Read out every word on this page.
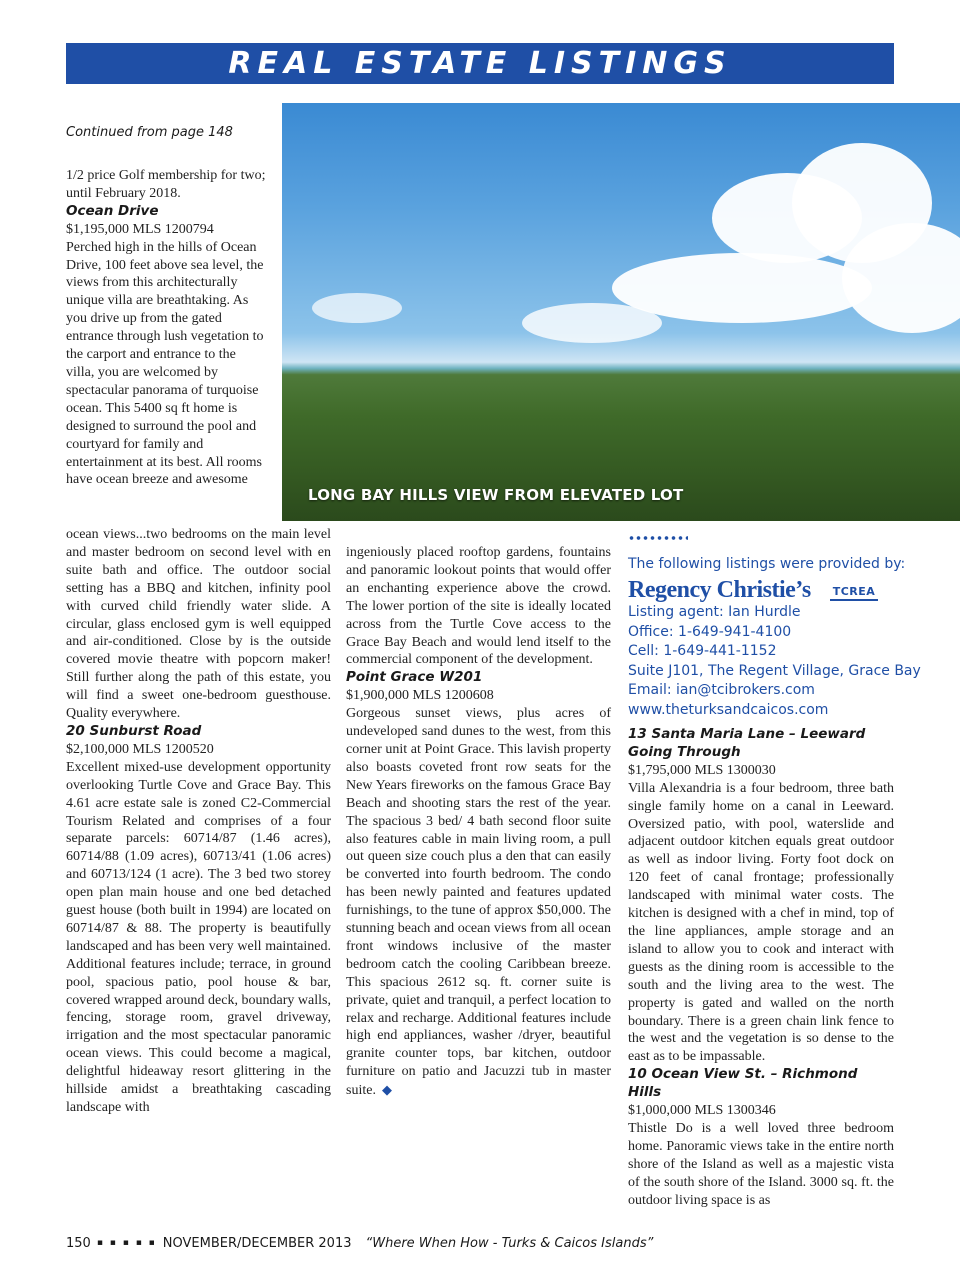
REAL ESTATE LISTINGS
Continued from page 148
LONG BAY HILLS VIEW FROM ELEVATED LOT
1/2 price Golf membership for two; until February 2018.
Ocean Drive
$1,195,000 MLS 1200794
Perched high in the hills of Ocean Drive, 100 feet above sea level, the views from this architecturally unique villa are breathtaking. As you drive up from the gated entrance through lush vegetation to the carport and entrance to the villa, you are welcomed by spectacular panorama of turquoise ocean. This 5400 sq ft home is designed to surround the pool and courtyard for family and entertainment at its best. All rooms have ocean breeze and awesome
ocean views...two bedrooms on the main level and master bedroom on second level with en suite bath and office. The outdoor social setting has a BBQ and kitchen, infinity pool with curved child friendly water slide. A circular, glass enclosed gym is well equipped and air-conditioned. Close by is the outside covered movie theatre with popcorn maker! Still further along the path of this estate, you will find a sweet one-bedroom guesthouse. Quality everywhere.
20 Sunburst Road
$2,100,000 MLS 1200520
Excellent mixed-use development opportunity overlooking Turtle Cove and Grace Bay. This 4.61 acre estate sale is zoned C2-Commercial Tourism Related and comprises of a four separate parcels: 60714/87 (1.46 acres), 60714/88 (1.09 acres), 60713/41 (1.06 acres) and 60713/124 (1 acre). The 3 bed two storey open plan main house and one bed detached guest house (both built in 1994) are located on 60714/87 & 88. The property is beautifully landscaped and has been very well maintained. Additional features include; terrace, in ground pool, spacious patio, pool house & bar, covered wrapped around deck, boundary walls, fencing, storage room, gravel driveway, irrigation and the most spectacular panoramic ocean views. This could become a magical, delightful hideaway resort glittering in the hillside amidst a breathtaking cascading landscape with
ingeniously placed rooftop gardens, fountains and panoramic lookout points that would offer an enchanting experience above the crowd. The lower portion of the site is ideally located across from the Turtle Cove access to the Grace Bay Beach and would lend itself to the commercial component of the development.
Point Grace W201
$1,900,000 MLS 1200608
Gorgeous sunset views, plus acres of undeveloped sand dunes to the west, from this corner unit at Point Grace. This lavish property also boasts coveted front row seats for the New Years fireworks on the famous Grace Bay Beach and shooting stars the rest of the year. The spacious 3 bed/ 4 bath second floor suite also features cable in main living room, a pull out queen size couch plus a den that can easily be converted into fourth bedroom. The condo has been newly painted and features updated furnishings, to the tune of approx $50,000. The stunning beach and ocean views from all ocean front windows inclusive of the master bedroom catch the cooling Caribbean breeze. This spacious 2612 sq. ft. corner suite is private, quiet and tranquil, a perfect location to relax and recharge. Additional features include high end appliances, washer /dryer, beautiful granite counter tops, bar kitchen, outdoor furniture on patio and Jacuzzi tub in master suite. ◆
The following listings were provided by:
Regency Christie’s TCREA
Listing agent: Ian Hurdle
Office: 1-649-941-4100
Cell: 1-649-441-1152
Suite J101, The Regent Village, Grace Bay
Email: ian@tcibrokers.com
www.theturksandcaicos.com
13 Santa Maria Lane – Leeward
Going Through
$1,795,000 MLS 1300030
Villa Alexandria is a four bedroom, three bath single family home on a canal in Leeward. Oversized patio, with pool, waterslide and adjacent outdoor kitchen equals great outdoor as well as indoor living. Forty foot dock on 120 feet of canal frontage; professionally landscaped with minimal water costs. The kitchen is designed with a chef in mind, top of the line appliances, ample storage and an island to allow you to cook and interact with guests as the dining room is accessible to the south and the living area to the west. The property is gated and walled on the north boundary. There is a green chain link fence to the west and the vegetation is so dense to the east as to be impassable.
10 Ocean View St. – Richmond Hills
$1,000,000 MLS 1300346
Thistle Do is a well loved three bedroom home. Panoramic views take in the entire north shore of the Island as well as a majestic vista of the south shore of the Island. 3000 sq. ft. the outdoor living space is as
150 ▪ ▪ ▪ ▪ ▪ NOVEMBER/DECEMBER 2013 “Where When How - Turks & Caicos Islands”
